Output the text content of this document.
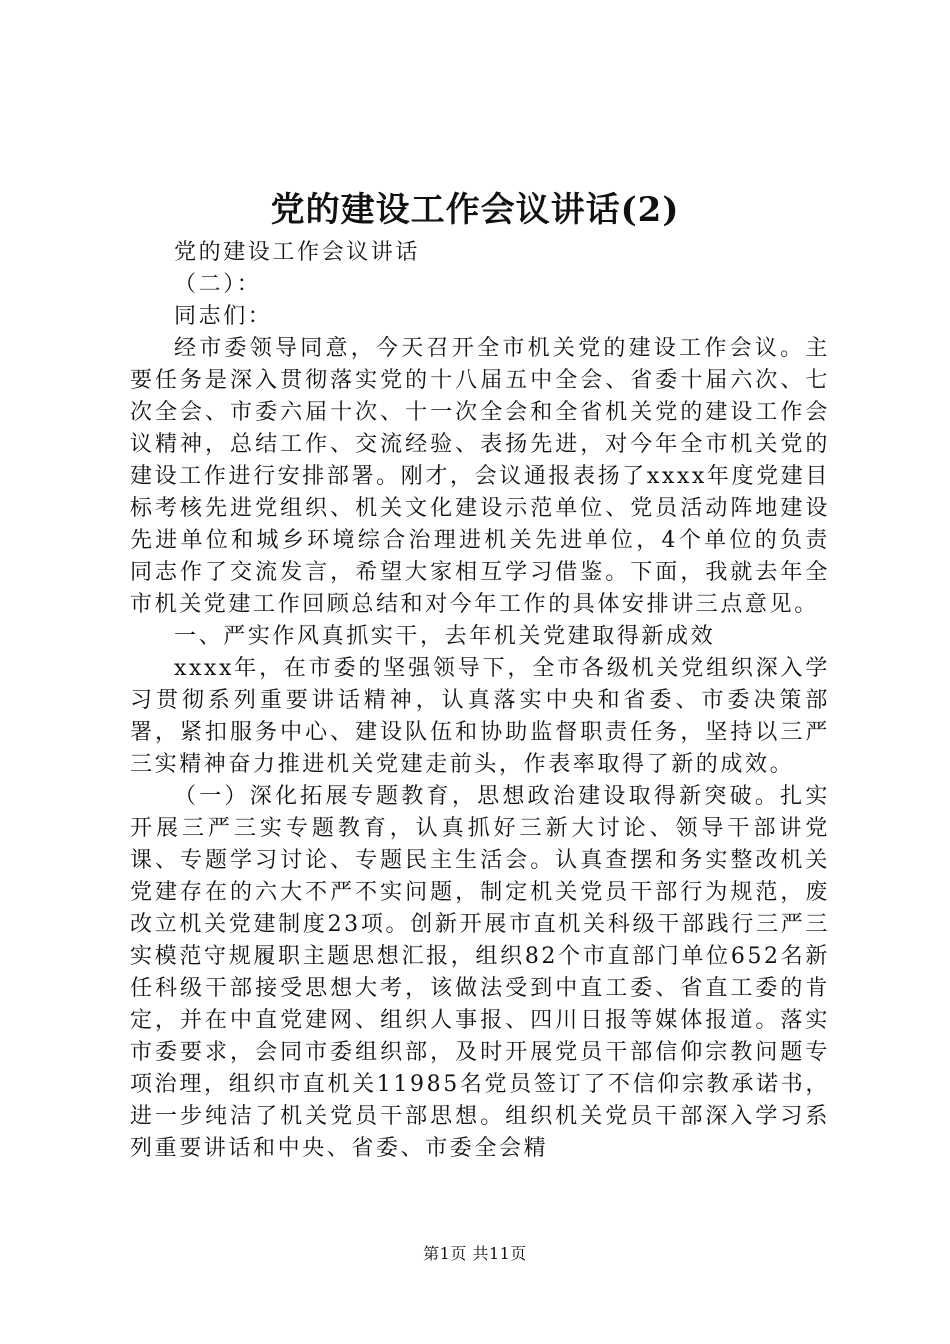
党的建设工作会议讲话(2)

党的建设工作会议讲话

（二）：

同志们：

经市委领导同意，今天召开全市机关党的建设工作会议。主要任务是深入贯彻落实党的十八届五中全会、省委十届六次、七次全会、市委六届十次、十一次全会和全省机关党的建设工作会议精神，总结工作、交流经验、表扬先进，对今年全市机关党的建设工作进行安排部署。刚才，会议通报表扬了xxxx年度党建目标考核先进党组织、机关文化建设示范单位、党员活动阵地建设先进单位和城乡环境综合治理进机关先进单位，4个单位的负责同志作了交流发言，希望大家相互学习借鉴。下面，我就去年全市机关党建工作回顾总结和对今年工作的具体安排讲三点意见。

一、严实作风真抓实干，去年机关党建取得新成效

xxxx年，在市委的坚强领导下，全市各级机关党组织深入学习贯彻系列重要讲话精神，认真落实中央和省委、市委决策部署，紧扣服务中心、建设队伍和协助监督职责任务，坚持以三严三实精神奋力推进机关党建走前头，作表率取得了新的成效。

（一）深化拓展专题教育，思想政治建设取得新突破。扎实开展三严三实专题教育，认真抓好三新大讨论、领导干部讲党课、专题学习讨论、专题民主生活会。认真查摆和务实整改机关党建存在的六大不严不实问题，制定机关党员干部行为规范，废改立机关党建制度23项。创新开展市直机关科级干部践行三严三实模范守规履职主题思想汇报，组织82个市直部门单位652名新任科级干部接受思想大考，该做法受到中直工委、省直工委的肯定，并在中直党建网、组织人事报、四川日报等媒体报道。落实市委要求，会同市委组织部，及时开展党员干部信仰宗教问题专项治理，组织市直机关11985名党员签订了不信仰宗教承诺书，进一步纯洁了机关党员干部思想。组织机关党员干部深入学习系列重要讲话和中央、省委、市委全会精

第1页 共11页
